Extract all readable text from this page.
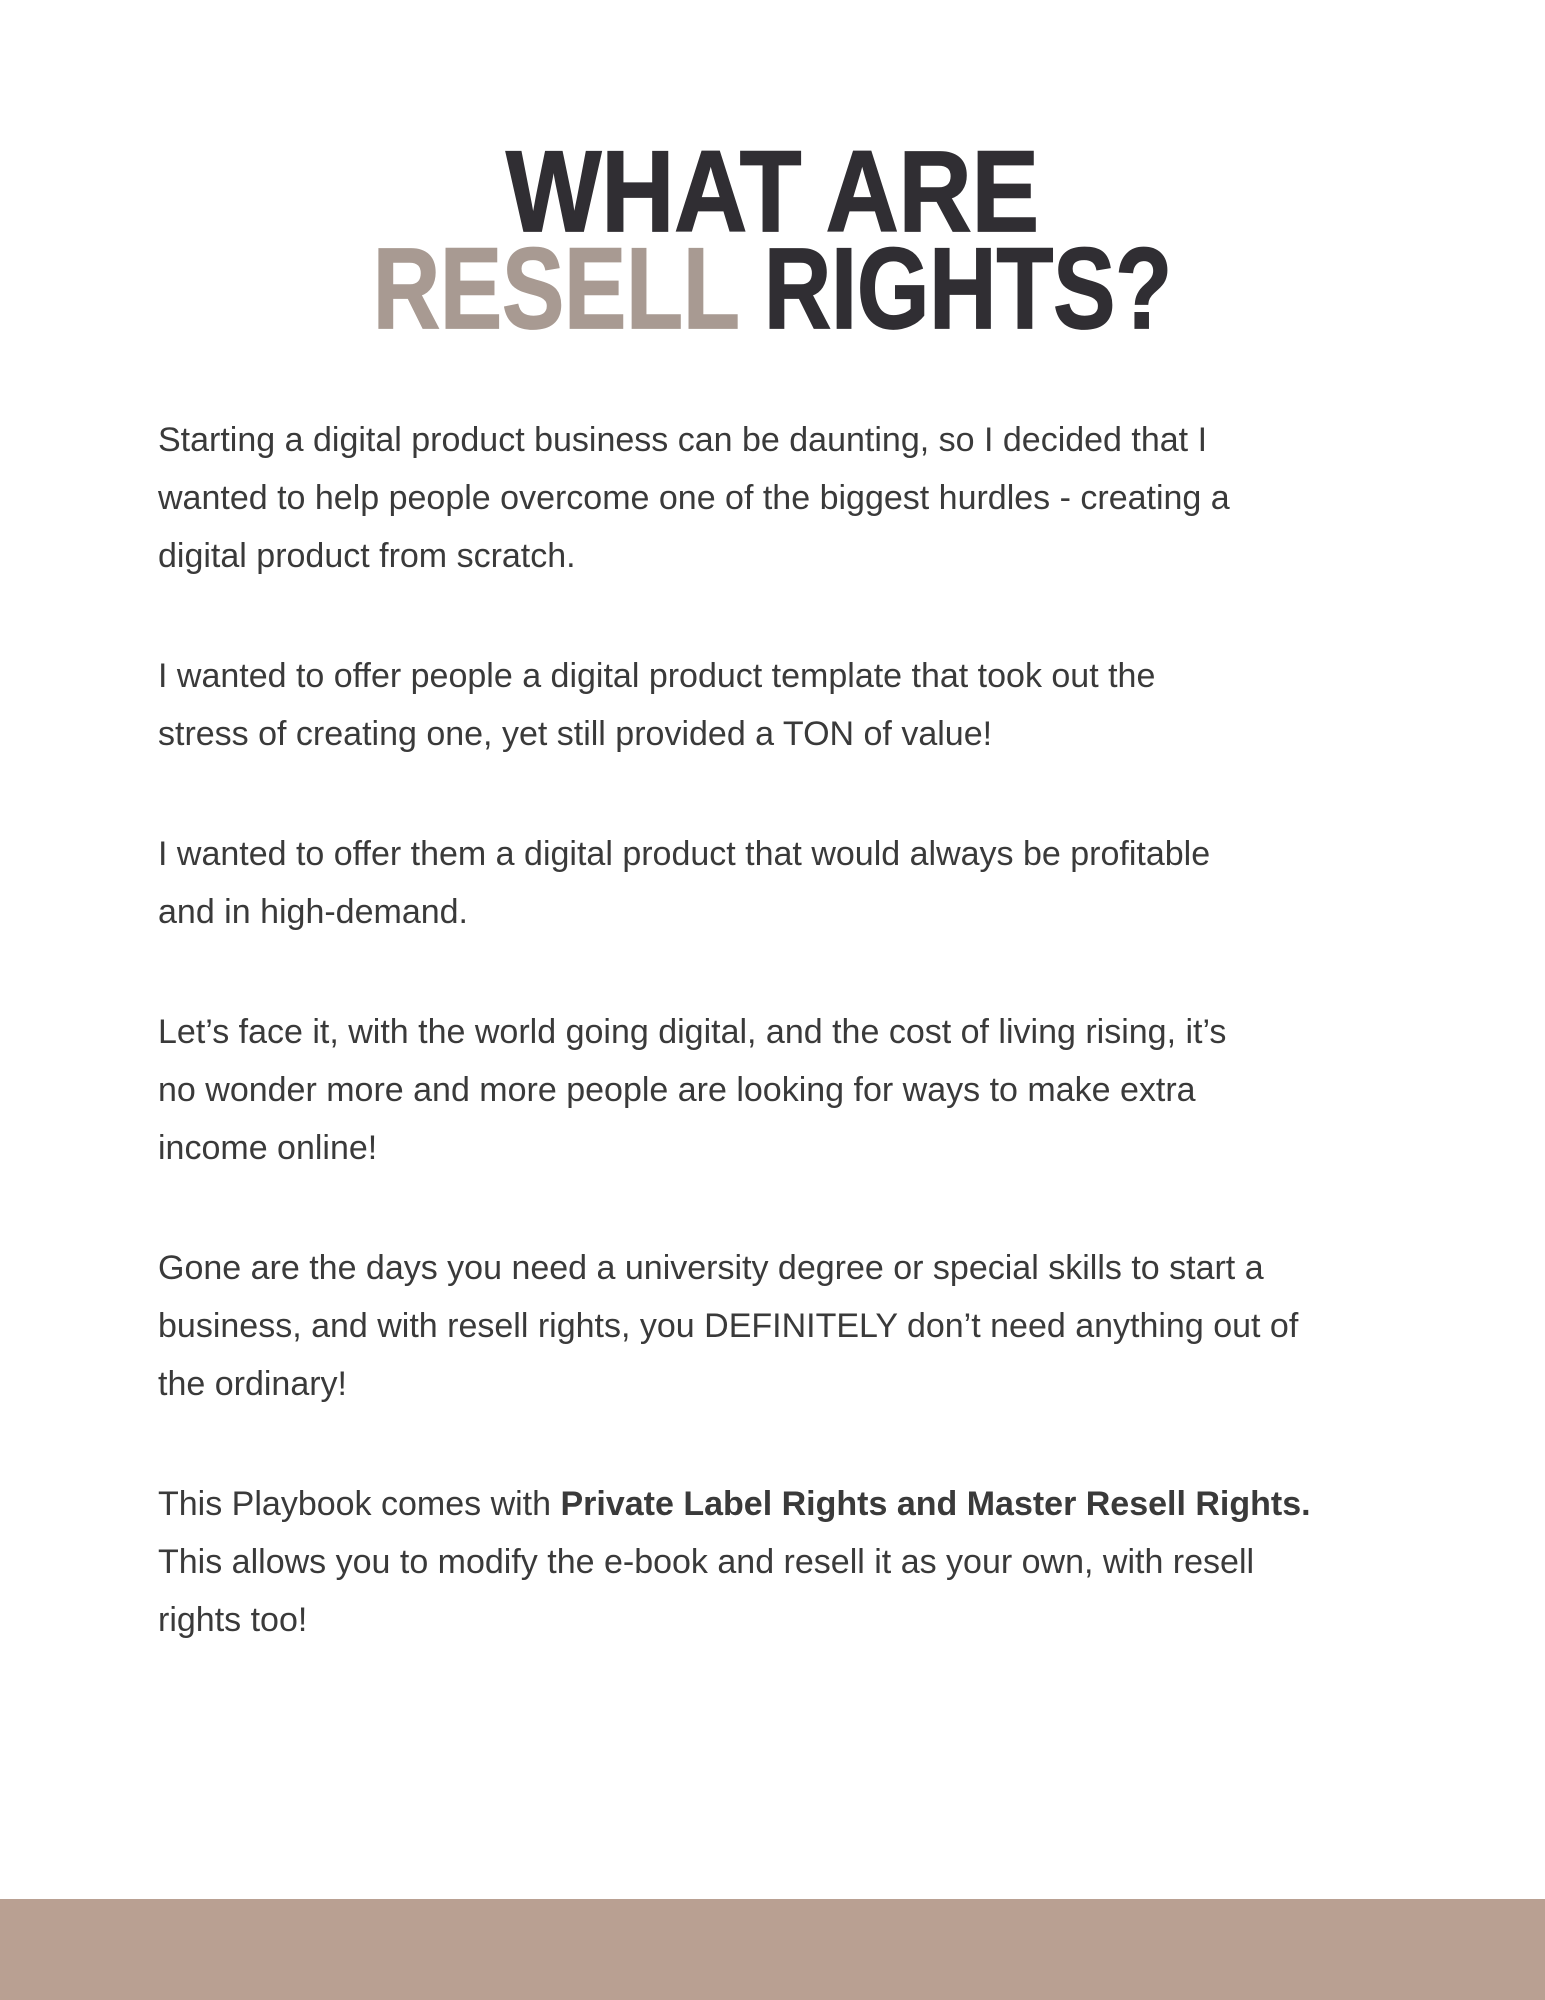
WHAT ARE
RESELL RIGHTS?

Starting a digital product business can be daunting, so I decided that I
wanted to help people overcome one of the biggest hurdles - creating a
digital product from scratch.

I wanted to offer people a digital product template that took out the
stress of creating one, yet still provided a TON of value!

I wanted to offer them a digital product that would always be profitable
and in high-demand.

Let’s face it, with the world going digital, and the cost of living rising, it’s
no wonder more and more people are looking for ways to make extra
income online!

Gone are the days you need a university degree or special skills to start a
business, and with resell rights, you DEFINITELY don’t need anything out of
the ordinary!

This Playbook comes with Private Label Rights and Master Resell Rights.
This allows you to modify the e-book and resell it as your own, with resell
rights too!
